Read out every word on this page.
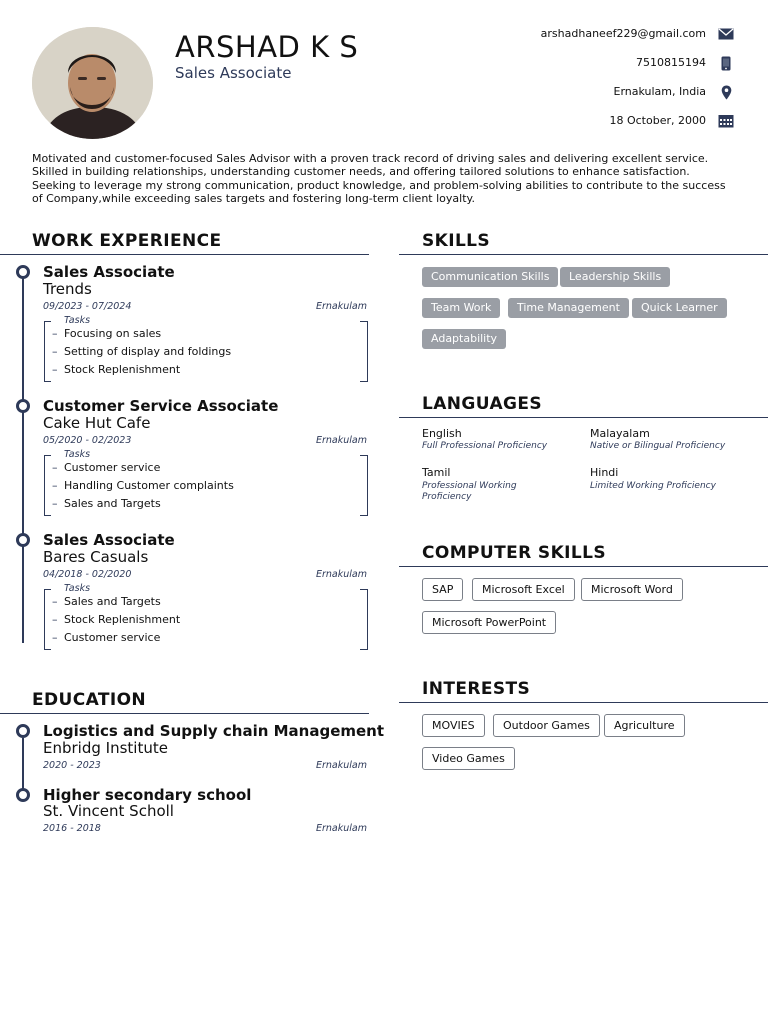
ARSHAD K S
Sales Associate
arshadhaneef229@gmail.com
7510815194
Ernakulam, India
18 October, 2000
Motivated and customer-focused Sales Advisor with a proven track record of driving sales and delivering excellent service. Skilled in building relationships, understanding customer needs, and offering tailored solutions to enhance satisfaction. Seeking to leverage my strong communication, product knowledge, and problem-solving abilities to contribute to the success of Company,while exceeding sales targets and fostering long-term client loyalty.
WORK EXPERIENCE
Sales Associate
Trends
09/2023 - 07/2024	Ernakulam
Tasks
– Focusing on sales
– Setting of display and foldings
– Stock Replenishment
Customer Service Associate
Cake Hut Cafe
05/2020 - 02/2023	Ernakulam
Tasks
– Customer service
– Handling Customer complaints
– Sales and Targets
Sales Associate
Bares Casuals
04/2018 - 02/2020	Ernakulam
Tasks
– Sales and Targets
– Stock Replenishment
– Customer service
EDUCATION
Logistics and Supply chain Management
Enbridg Institute
2020 - 2023	Ernakulam
Higher secondary school
St. Vincent Scholl
2016 - 2018	Ernakulam
SKILLS
Communication Skills	Leadership Skills
Team Work	Time Management	Quick Learner
Adaptability
LANGUAGES
English
Full Professional Proficiency
Malayalam
Native or Bilingual Proficiency
Tamil
Professional Working Proficiency
Hindi
Limited Working Proficiency
COMPUTER SKILLS
SAP	Microsoft Excel	Microsoft Word
Microsoft PowerPoint
INTERESTS
MOVIES	Outdoor Games	Agriculture
Video Games
